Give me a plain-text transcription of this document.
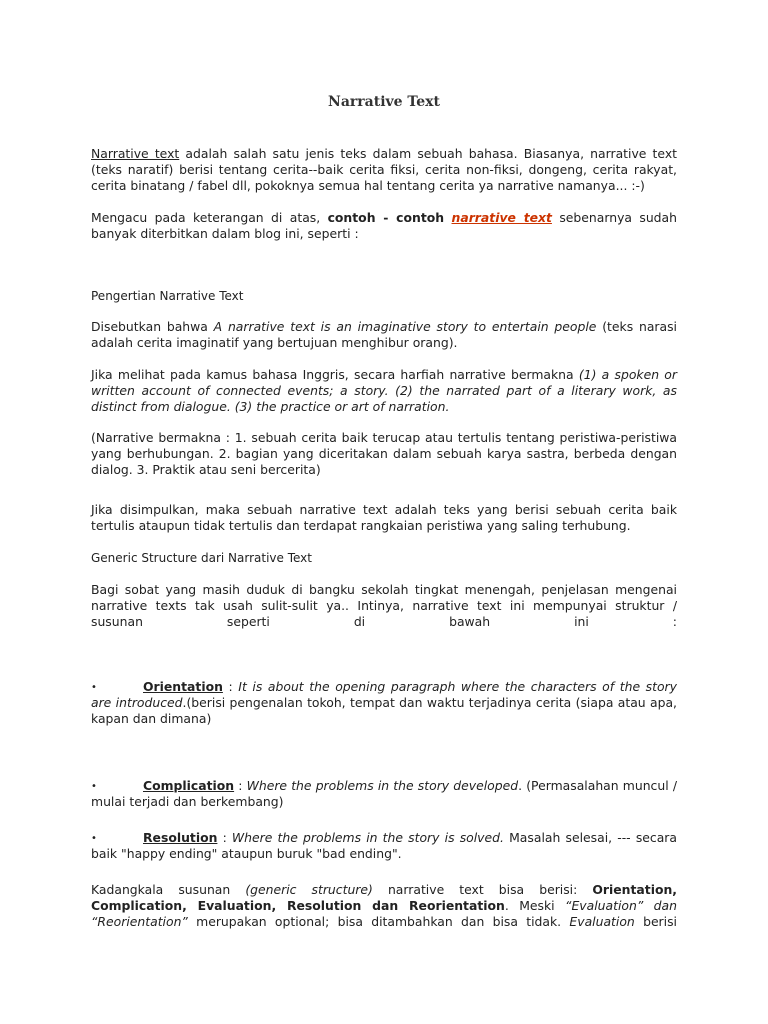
Narrative Text

Narrative text adalah salah satu jenis teks dalam sebuah bahasa. Biasanya, narrative text (teks naratif) berisi tentang cerita--baik cerita fiksi, cerita non-fiksi, dongeng, cerita rakyat, cerita binatang / fabel dll, pokoknya semua hal tentang cerita ya narrative namanya... :-)

Mengacu pada keterangan di atas, contoh - contoh narrative text sebenarnya sudah banyak diterbitkan dalam blog ini, seperti :

Pengertian Narrative Text

Disebutkan bahwa A narrative text is an imaginative story to entertain people (teks narasi adalah cerita imaginatif yang bertujuan menghibur orang).

Jika melihat pada kamus bahasa Inggris, secara harfiah narrative bermakna (1) a spoken or written account of connected events; a story. (2) the narrated part of a literary work, as distinct from dialogue. (3) the practice or art of narration.

(Narrative bermakna : 1. sebuah cerita baik terucap atau tertulis tentang peristiwa-peristiwa yang berhubungan. 2. bagian yang diceritakan dalam sebuah karya sastra, berbeda dengan dialog. 3. Praktik atau seni bercerita)

Jika disimpulkan, maka sebuah narrative text adalah teks yang berisi sebuah cerita baik tertulis ataupun tidak tertulis dan terdapat rangkaian peristiwa yang saling terhubung.

Generic Structure dari Narrative Text

Bagi sobat yang masih duduk di bangku sekolah tingkat menengah, penjelasan mengenai narrative texts tak usah sulit-sulit ya.. Intinya, narrative text ini mempunyai struktur / susunan seperti di bawah ini :

•	Orientation : It is about the opening paragraph where the characters of the story are introduced.(berisi pengenalan tokoh, tempat dan waktu terjadinya cerita (siapa atau apa, kapan dan dimana)

•	Complication : Where the problems in the story developed. (Permasalahan muncul / mulai terjadi dan berkembang)

•	Resolution : Where the problems in the story is solved. Masalah selesai, --- secara baik "happy ending" ataupun buruk "bad ending".

Kadangkala susunan (generic structure) narrative text bisa berisi: Orientation, Complication, Evaluation, Resolution dan Reorientation. Meski “Evaluation” dan “Reorientation” merupakan optional; bisa ditambahkan dan bisa tidak. Evaluation berisi
